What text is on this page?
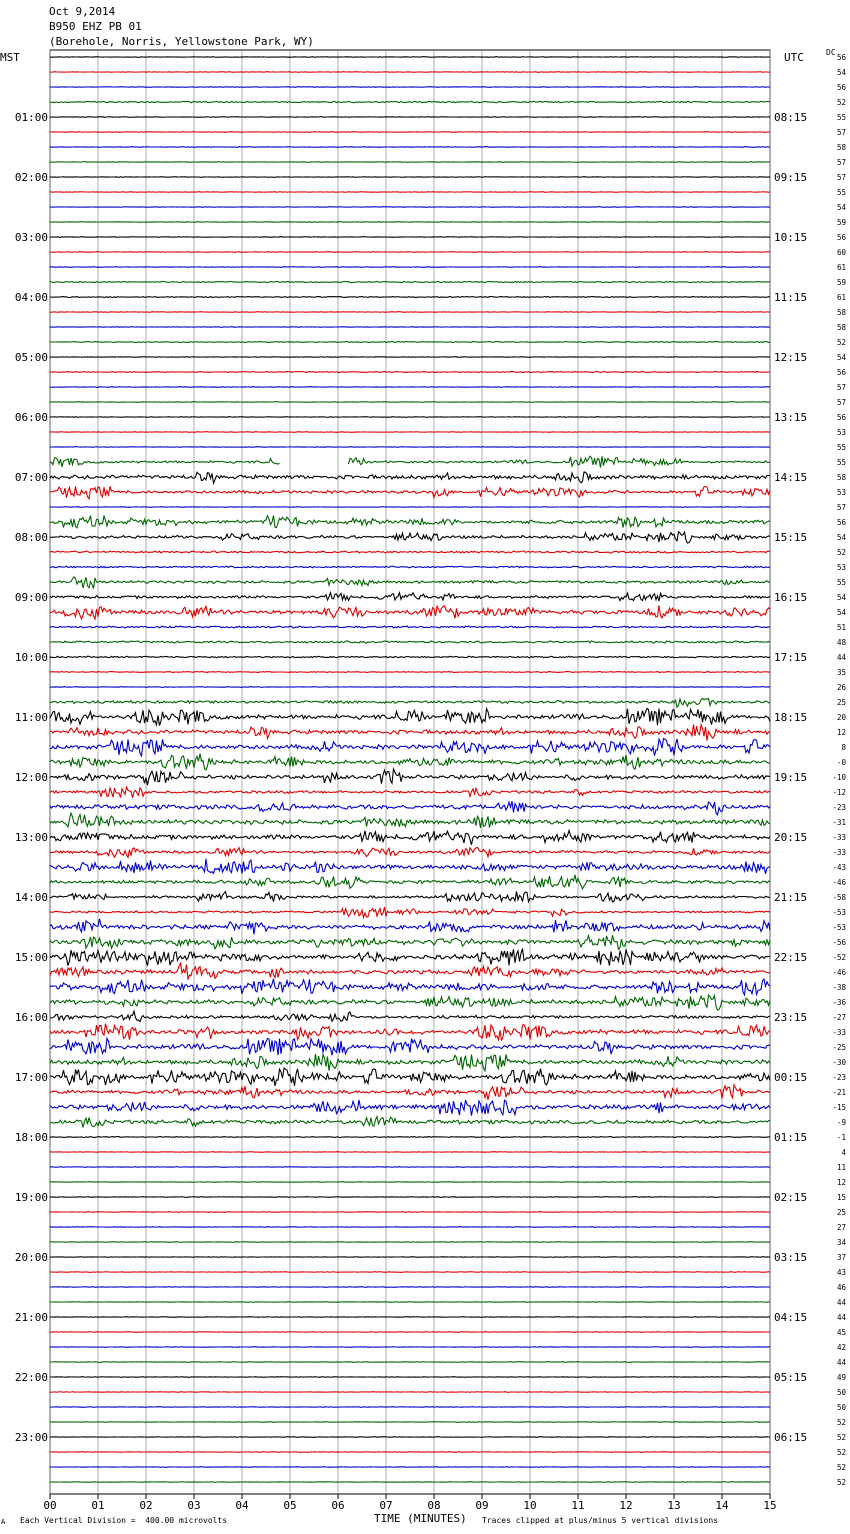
Oct 9,2014
B950 EHZ PB 01
(Borehole, Norris, Yellowstone Park, WY)
MST	UTC	DC
00	01	02	03	04	05	06	07	08	09	10	11	12	13	14	15
56
54
56
52
01:00	08:15	55
57
58
57
02:00	09:15	57
55
54
59
03:00	10:15	56
60
61
59
04:00	11:15	61
58
58
52
05:00	12:15	54
56
57
57
06:00	13:15	56
53
55
55
07:00	14:15	58
53
57
56
08:00	15:15	54
52
53
55
09:00	16:15	54
54
51
48
10:00	17:15	44
35
26
25
11:00	18:15	20
12
8
-0
12:00	19:15	-10
-12
-23
-31
13:00	20:15	-33
-33
-43
-46
14:00	21:15	-58
-53
-53
-56
15:00	22:15	-52
-46
-38
-36
16:00	23:15	-27
-33
-25
-30
17:00	00:15	-23
-21
-15
-9
18:00	01:15	-1
4
11
12
19:00	02:15	15
25
27
34
20:00	03:15	37
43
46
44
21:00	04:15	44
45
42
44
22:00	05:15	49
50
50
52
23:00	06:15	52
52
52
52
A Each Vertical Division =  400.00 microvolts	TIME (MINUTES) Traces clipped at plus/minus 5 vertical divisions
